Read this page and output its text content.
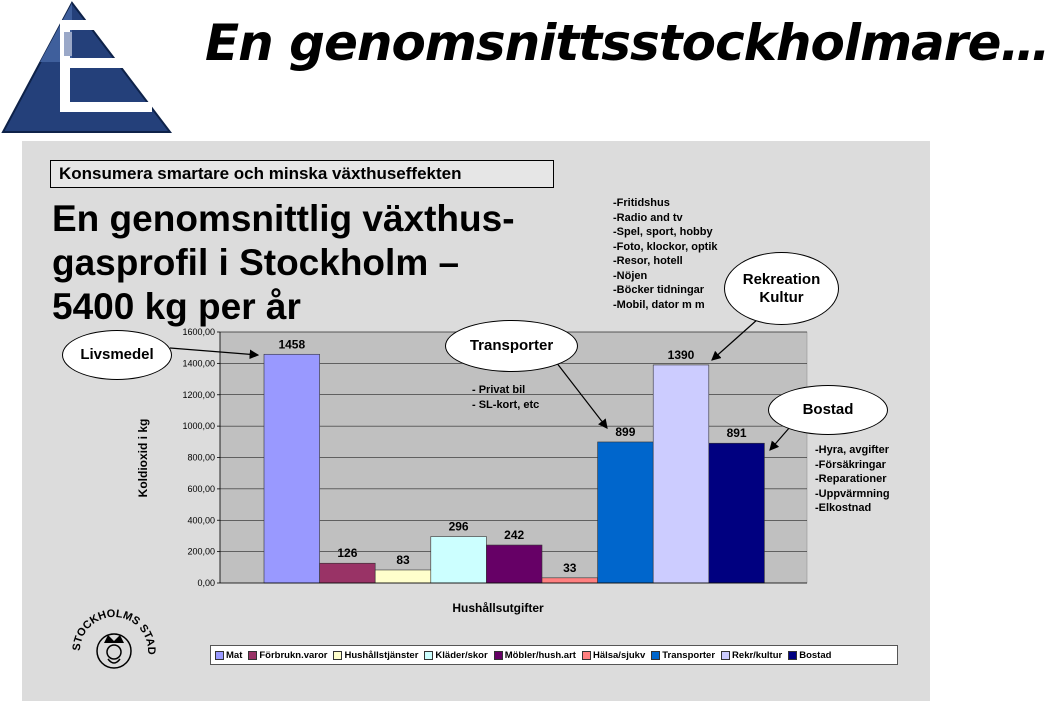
En genomsnittsstockholmare…
Konsumera smartare och minska växthuseffekten
En genomsnittlig växthus-
gasprofil i Stockholm –
5400 kg per år
-Fritidshus
-Radio and tv
-Spel, sport, hobby
-Foto, klockor, optik
-Resor, hotell
-Nöjen
-Böcker tidningar
-Mobil, dator m m
1458
126	83
296
242
33
899
1390
891
0,00
200,00
400,00
600,00
800,00
1000,00
1200,00
1400,00
1600,00
Koldioxid i kg
Hushållsutgifter
- Privat bil
- SL-kort, etc
-Hyra, avgifter
-Försäkringar
-Reparationer
-Uppvärmning
-Elkostnad
Livsmedel
Transporter
Rekreation
Kultur
Bostad
Mat Förbrukn.varor Hushållstjänster Kläder/skor Möbler/hush.art Hälsa/sjukv Transporter Rekr/kultur Bostad
STOCKHOLMS STAD
